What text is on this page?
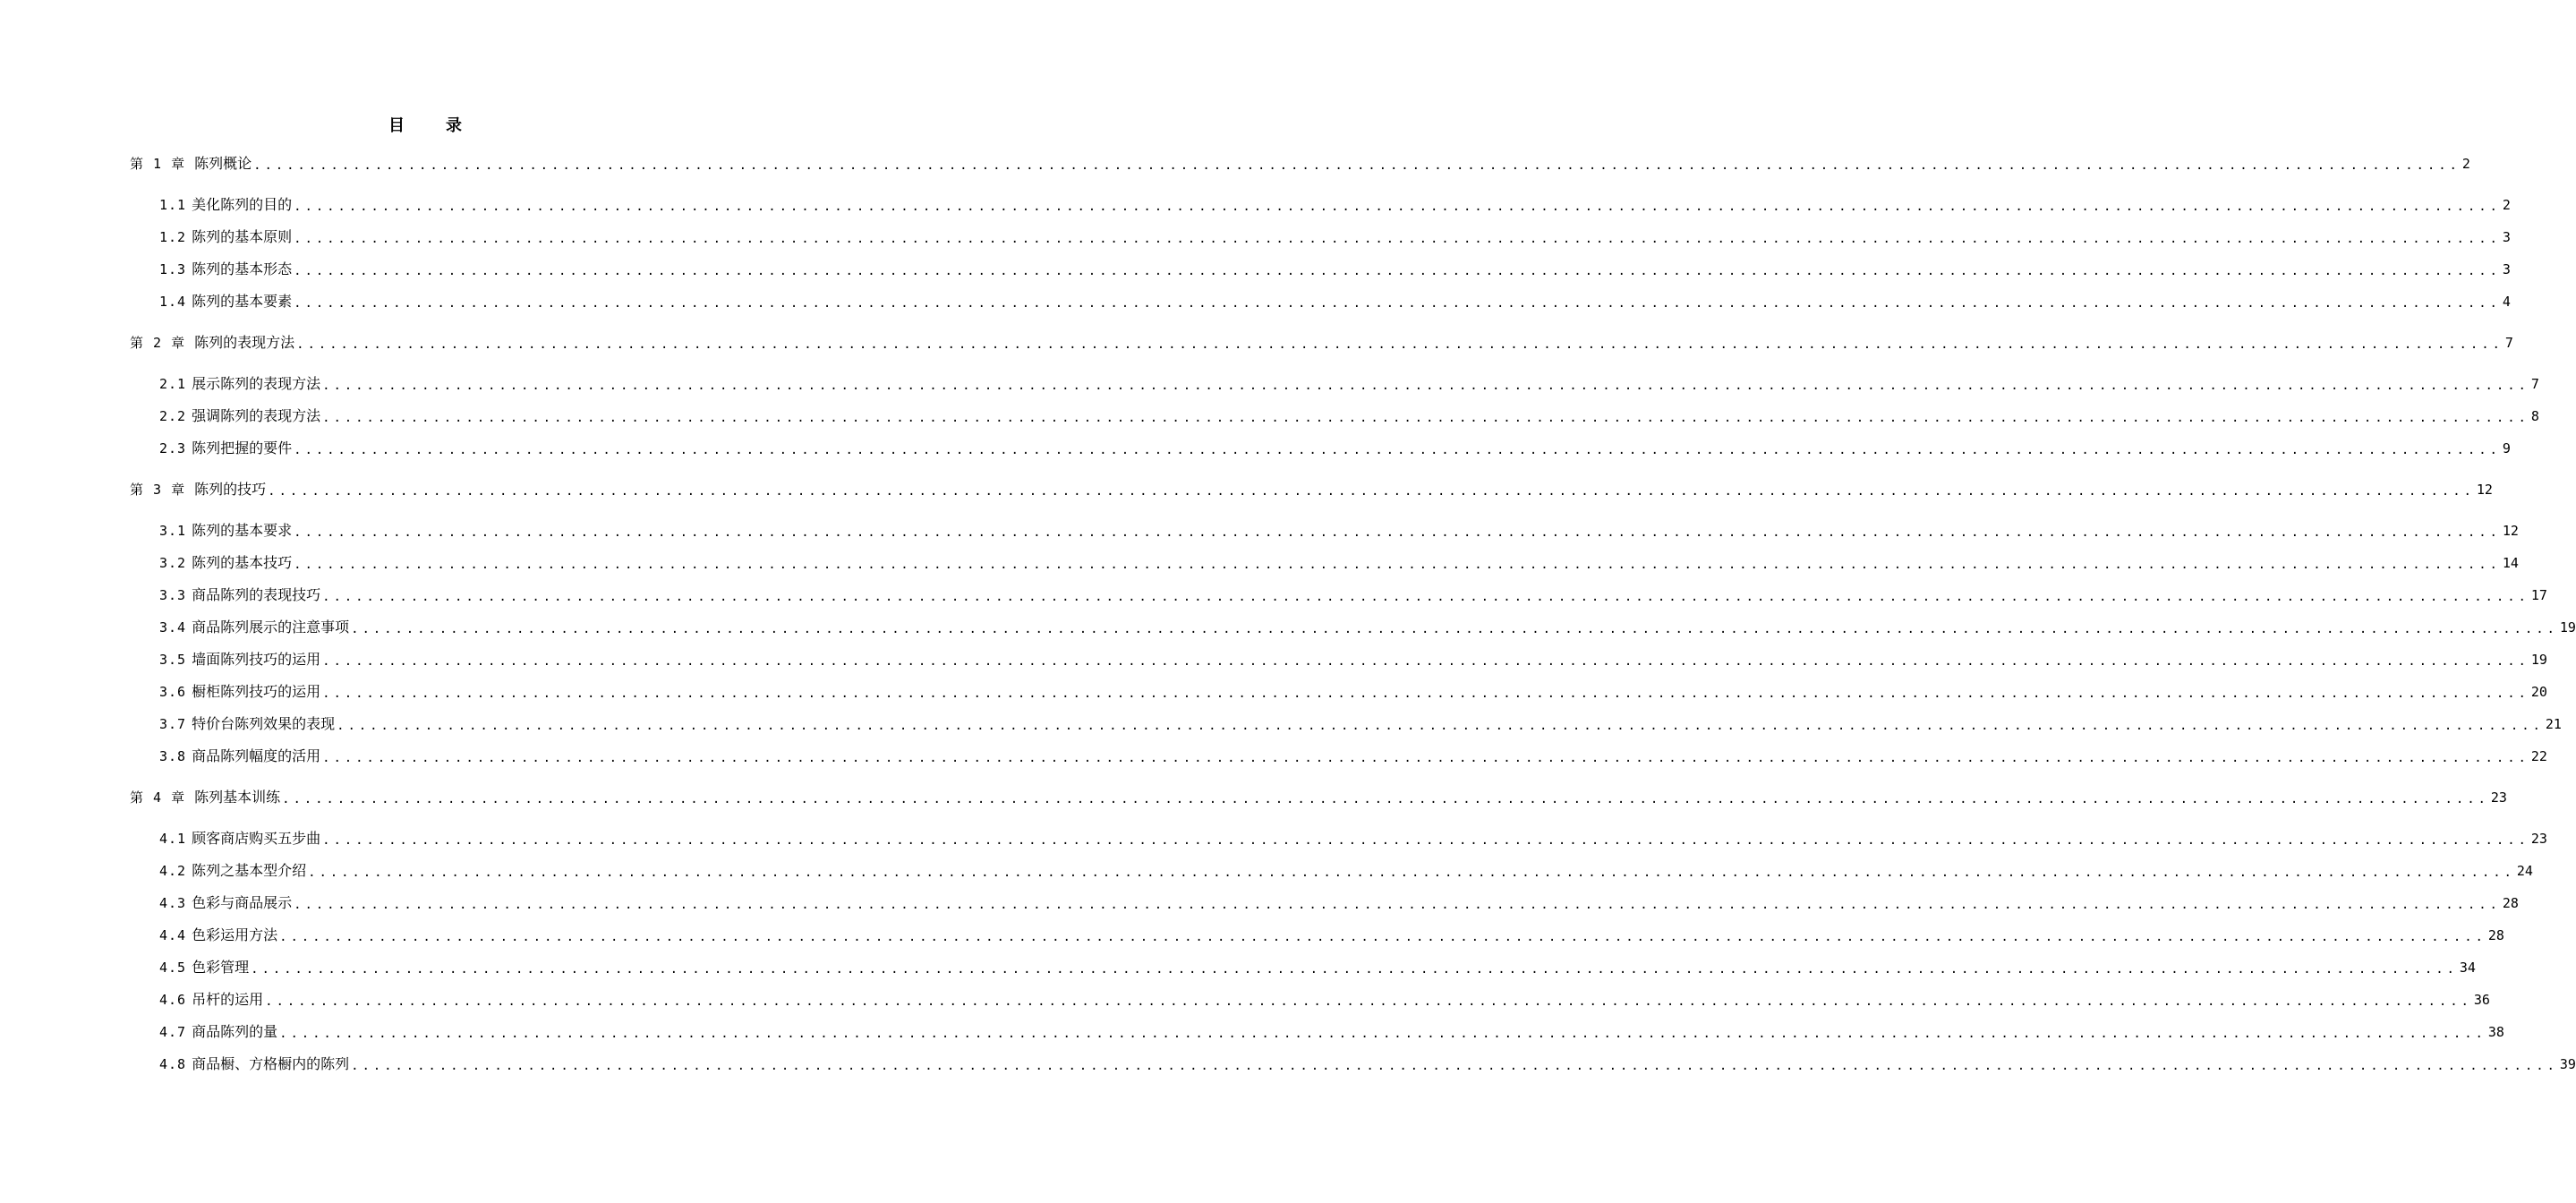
目	录
第 1 章 陈列概论 ........................................................................................................................................................................................................ 2
1.1 美化陈列的目的 ........................................................................................................................................................................................................ 2
1.2 陈列的基本原则 ........................................................................................................................................................................................................ 3
1.3 陈列的基本形态 ........................................................................................................................................................................................................ 3
1.4 陈列的基本要素 ........................................................................................................................................................................................................ 4
第 2 章 陈列的表现方法 ........................................................................................................................................................................................................ 7
2.1 展示陈列的表现方法 ........................................................................................................................................................................................................ 7
2.2 强调陈列的表现方法 ........................................................................................................................................................................................................ 8
2.3 陈列把握的要件 ........................................................................................................................................................................................................ 9
第 3 章 陈列的技巧 ........................................................................................................................................................................................................ 12
3.1 陈列的基本要求 ........................................................................................................................................................................................................ 12
3.2 陈列的基本技巧 ........................................................................................................................................................................................................ 14
3.3 商品陈列的表现技巧 ........................................................................................................................................................................................................ 17
3.4 商品陈列展示的注意事项 ........................................................................................................................................................................................................ 19
3.5 墙面陈列技巧的运用 ........................................................................................................................................................................................................ 19
3.6 橱柜陈列技巧的运用 ........................................................................................................................................................................................................ 20
3.7 特价台陈列效果的表现 ........................................................................................................................................................................................................ 21
3.8 商品陈列幅度的活用 ........................................................................................................................................................................................................ 22
第 4 章 陈列基本训练 ........................................................................................................................................................................................................ 23
4.1 顾客商店购买五步曲 ........................................................................................................................................................................................................ 23
4.2 陈列之基本型介绍 ........................................................................................................................................................................................................ 24
4.3 色彩与商品展示 ........................................................................................................................................................................................................ 28
4.4 色彩运用方法 ........................................................................................................................................................................................................ 28
4.5 色彩管理 ........................................................................................................................................................................................................ 34
4.6 吊杆的运用 ........................................................................................................................................................................................................ 36
4.7 商品陈列的量 ........................................................................................................................................................................................................ 38
4.8 商品橱、方格橱内的陈列 ........................................................................................................................................................................................................ 39
